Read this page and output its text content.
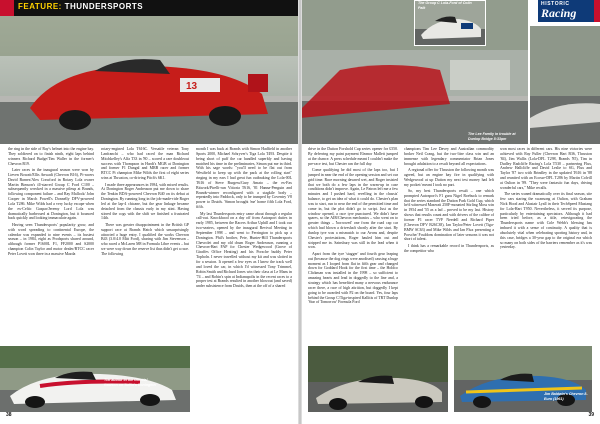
FEATURE: THUNDERSPORTS
13

the ring in the side of Ray's helmet into the engine bay. They soldiered on to finish ninth, eight laps behind winners Richard Budge/Tim Waller in the former's Chevron B19.

Later races in the inaugural season were won by Lieven Bowatt/Ellis Anwadi (Chevron B16), Pi-racers David Barnes/Alex Crawford in Rotary Lola owner Martin Bimson's ill-starred Group C Ford C100 – subsequently wrecked in a massive pileup at Brands, following component failure – and Ray Mallock/ John Cooper in March Powell's Donnelly DFV-powered Lola T286. Mike Wilds had a very lucky escape when the ex-Celtic Gaspar/Jeremy Lord Lola was dramatically barbecued at Donington, but it bounced back quickly and looking immaculate again.

Having seen Thundersports' popularity grow, and with word spreading to continental Europe, the calendar was expanded to nine events – its busiest season – in 1984, eight as Prodsports shared around, although former P1600L F1, FF2000 and S2000 champion Colin Taylor and motor dealer/BTCC racer Peter Lovett won three in a massive Mazda

rotary-engined Lola T616C. Versatile veteran Tony Lanfranchi – who had raced the man Richard Mitchkelley's Alfa T33 in '80 – scored a rare doubleout success with Thompson in Hardt's MGB at Donington and former F1 Dungal and MRB racer and former BTCC Pi champion Mike Wilds the first of eight series wins at Thruxton, co-driving Pitch's 6K1.

I made three appearances in 1984, with mixed results. At Donington Roger Andreason put me down to share the Tenkin BDA-powered Chevron B40 on its debut at Donington. By running long in the job-made-ride Roger led at the lap-4 chicane, but the gear linkage became detached from the chassis early in my stint. Having stirred the cogs with the shift we finished a frustrated 14th.

There was greater disappointment in the British GP support race at Brands Hatch which unsurprisingly attracted a huge entry. I qualified the works Chevron B43 (3.0/4.0 Mitt Ford), sharing with Jim Stevenson – who raced a McLaren M8 in Formula Libre events – but we were way down the reserve list thus didn't get a race. The following

month I was back at Brands with Simon Hadfield in another Sports 2000, Michael Schryver's Tiga Lola T493. Despite it being short of puff the car handled superbly and having matched his time in the preliminaries, Simon put me in third. With his sage words: "you'll need to be flat out from Westfield to keep up with the pack at the rolling start" ringing in my ears I had great fun outbraking the Lola-00L T616 of Steve Burgess/Gary Amato – the ex-Fax Bitwork/Pirelli-run Vittoria T616, '81 Hanna-Penguin and Brands-winner reconfigured with a stagkile body – repeatedly into Paddock, only to be trumped by Coventry V8 power to Druids. 'Simon brought 'me' home fifth Lola Ford, fifth.

My last Thundersports entry came about through a regular call-out. Knockhood on a day off from Autosport duties in early 1985, between the Racers Arthur Uphill and I took our two-seaters, opened by the inaugural Revival Meeting in September 1998 – and went to Ferrington to pick up a Donington. Phil's brother, Pete, Hunter-Hill Thundersports Chevrolet and my old chum Roger Andreason, running a Chevron-Hart FAP for Chester Wedgewood (Grove of Giraffes Office Heating) and his Porsche buddy Peter Topholn. I never travelled without my kit and was slotted in for a session. It opened a few eyes as I knew the track well and loved the car, in which I'd witnessed Tony Trimmel, Robin Smith and Richard Jones win their class at Le Mans in '74 – and Robin's spin at Indianapolis in the recent races to a proper test at Brands resulted in another blowout (and saved) under subsistence from Druids, then at the off of a shared

The author in the Ginetta/ Rawson on Tuffin's Donington
38
The Group C Lola-Ford of Colin Palk
The Lee Family in trouble at Dunlop Bridge 8:33pm
HISTORIC
Racing

drive in the Dutton Forshold Cup series opener for £550. By deferring my paint payment Eleanor Mallett jumped at the chance. A press schedule meant I couldn't make the pre-race test, but Chester ran the full day.

Come qualifying he did most of the laps too, but I jumped in near the end of the opening session and set our grid time. Race morning dawned wet, and Roger insisted that we both do a few laps in the warm-up in case conditions didn't improve. Again, Le Patron left me a few minutes and I pushed hard, revelling in the chassis' balance, to get an idea of what it could do. Chester's plan was to start, run to near the end of the permitted time and come in, but the plot didn't go to script. Just as the window opened, a race tyre punctured. We didn't have spares, so the AIR/Chevron mechanics – who went on to greater things – 'borrowed' one from the road cap car which had blown a driveshaft shortly after the start. By dunlop tyre was a mismatch to our Avons and, despite Chester's protestations, Roger hauled him out and stripped me in. Sainsbury was still in the lead when it won.

Apart from the tyre 'stagger' and fourth gear leaping out (because the dog rings were anodised) causing a huge moment as I looped from flat in fifth gear and changed down for Goddard Hook for the first time – the Holdco Clickman was installed in the 1998 – so sufficient to amazing hearts and lead in doggedly to the line and, a strategy which has benefited many a nervous endurance racer there, a race of high attrition, but doggedly I kept going to be awarded with P2 on the board. Yes, four laps behind the Group C/Tiga-inspired Kallitis of TRT Dunlop 'Star of Tomorrow' Formula Ford

champions Tim Lee Davey and Australian commodity broker Neil Crang, but the two-litre class win and an immense with legendary commentator Brian Jones brought adulation to a result beyond all expectations.

A regional offer for Thruxton the following month was agreed, but an engine bay fire in qualifying with Wedgewood at up Dutton my next test money had left my pocket/ meant I took no part.

So, my best Thundersports result – one which prompted Autosport's F1 guru Nigel Roebuck to remark that the series standard the Dutton Park Gold Cup, which he'd witnessed Maserati 250F-mounted Stirling Moss win in 1954 and '55 as a lad – proved to be my last. History shows that results count and with drivers of the calibre of former F1 racer TVF Needell and Richard Piper (Chevron DFV B26C38), Ian Taylor/Peter Lovett (Tiga-BMW SC63) and Mike Wilds and Ian Flux presenting a Porsche/ Fouldons domination of later seasons it was not short of talent.

I think has a remarkable record in Thundersports, as the competitor who

won most races in different cars. His nine victories were achieved with Ray Fuller (Chevron Hart B36, Thruxton '84), Jim Wallis (Lola-DFL T298, Brands '85), Tim in Dudley Radcliffe Racing's Lola T530 – partnering Flux, Andrew Hallcliffe and David Leslie to SG, Flux and Taylor '87 two with Brindley in the updated T616 in '88 and reunited with an Ecosse-DFL T286 by Martin Colvill at Oulton in '89. "They were fantastic fun days, driving wonderful cars," Mike recalls.

The series waned dramatically over its final season, site few cars staring the swansong at Oulton, with Graham Nick Hood and Alastair Lyall in their TechSpeed Mustang for Lola-Hart T950. Nevertheless, it served its purpose, particularly by entertaining spectators. Although it had been tried before, as a title, reinvigorating the Thundersports name with Cole Webb's blessing has imbued it with a sense of continuity. A quality that is absolutely vital when celebrating sporting history and, in this case, bridges a 30-year gap to the original era which so many on both sides of the barriers remember as it's was yesterday.

Jim Baldwin's Chevron 8-Euro (1961)
39
